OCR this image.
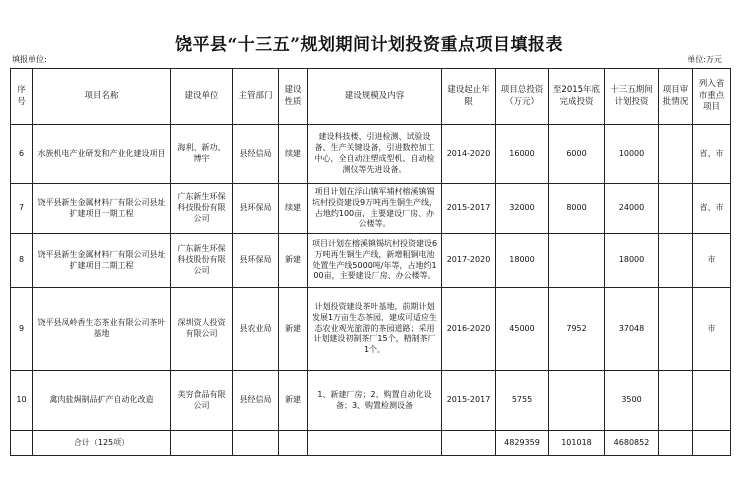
饶平县“十三五”规划期间计划投资重点项目填报表
填报单位:	单位:万元
序号	项目名称	建设单位	主管部门	建设性质	建设规模及内容	建设起止年限	项目总投资（万元）	至2015年底完成投资	十三五期间计划投资	项目审批情况	列入省市重点项目
6	水族机电产业研发和产业化建设项目	海利、新功、博宇	县经信局	续建	建设科技楼、引进检测、试验设备、生产关键设备，引进数控加工中心，全自动注塑成型机、自动检测仪等先进设备。	2014-2020	16000	6000	10000		省、市
7	饶平县新生金属材料厂有限公司县址扩建项目一期工程	广东新生环保科技股份有限公司	县环保局	续建	项目计划在浮山镇军埔村榕溪镇锡坑村投资建设9万吨再生铜生产线，占地约100亩，主要建设厂房、办公楼等。	2015-2017	32000	8000	24000		省、市
8	饶平县新生金属材料厂有限公司县址扩建项目二期工程	广东新生环保科技股份有限公司	县环保局	新建	项目计划在榕溪镇锡坑村投资建设6万吨再生铜生产线，新增粗铜电池处置生产线5000吨/年等，占地约100亩，主要建设厂房、办公楼等。	2017-2020	18000		18000		市
9	饶平县凤岭香生态茶业有限公司茶叶基地	深圳资人投资有限公司	县农业局	新建	计划投资建设茶叶基地，前期计划发展1万亩生态茶园，建成可适应生态农业观光旅游的茶园道路；采用计划建设初制茶厂15个，精制茶厂1个。	2016-2020	45000	7952	37048		市
10	禽肉盐焗制品扩产自动化改造	美穷食品有限公司	县经信局	新建	1、新建厂房；2、购置自动化设备；3、购置检测设备	2015-2017	5755		3500		
	合计（125项）						4829359	101018	4680852		
